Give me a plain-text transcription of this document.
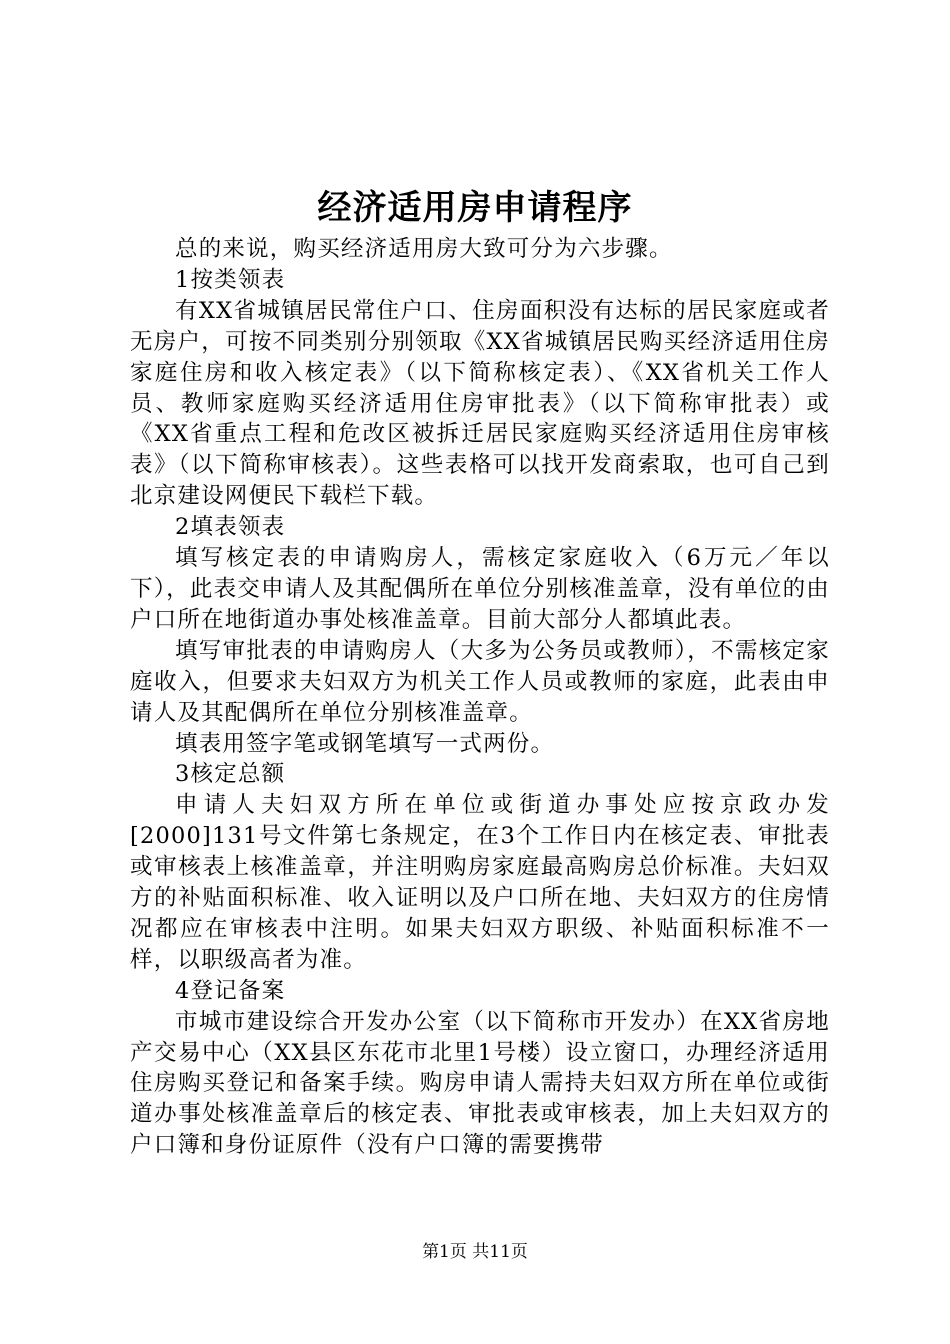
经济适用房申请程序

总的来说，购买经济适用房大致可分为六步骤。

1按类领表

有XX省城镇居民常住户口、住房面积没有达标的居民家庭或者无房户，可按不同类别分别领取《XX省城镇居民购买经济适用住房家庭住房和收入核定表》（以下简称核定表）、《XX省机关工作人员、教师家庭购买经济适用住房审批表》（以下简称审批表）或《XX省重点工程和危改区被拆迁居民家庭购买经济适用住房审核表》（以下简称审核表）。这些表格可以找开发商索取，也可自己到北京建设网便民下载栏下载。

2填表领表

填写核定表的申请购房人，需核定家庭收入（6万元／年以下），此表交申请人及其配偶所在单位分别核准盖章，没有单位的由户口所在地街道办事处核准盖章。目前大部分人都填此表。

填写审批表的申请购房人（大多为公务员或教师），不需核定家庭收入，但要求夫妇双方为机关工作人员或教师的家庭，此表由申请人及其配偶所在单位分别核准盖章。

填表用签字笔或钢笔填写一式两份。

3核定总额

申请人夫妇双方所在单位或街道办事处应按京政办发[2000]131号文件第七条规定，在3个工作日内在核定表、审批表或审核表上核准盖章，并注明购房家庭最高购房总价标准。夫妇双方的补贴面积标准、收入证明以及户口所在地、夫妇双方的住房情况都应在审核表中注明。如果夫妇双方职级、补贴面积标准不一样，以职级高者为准。

4登记备案

市城市建设综合开发办公室（以下简称市开发办）在XX省房地产交易中心（XX县区东花市北里1号楼）设立窗口，办理经济适用住房购买登记和备案手续。购房申请人需持夫妇双方所在单位或街道办事处核准盖章后的核定表、审批表或审核表，加上夫妇双方的户口簿和身份证原件（没有户口簿的需要携带

第1页 共11页
